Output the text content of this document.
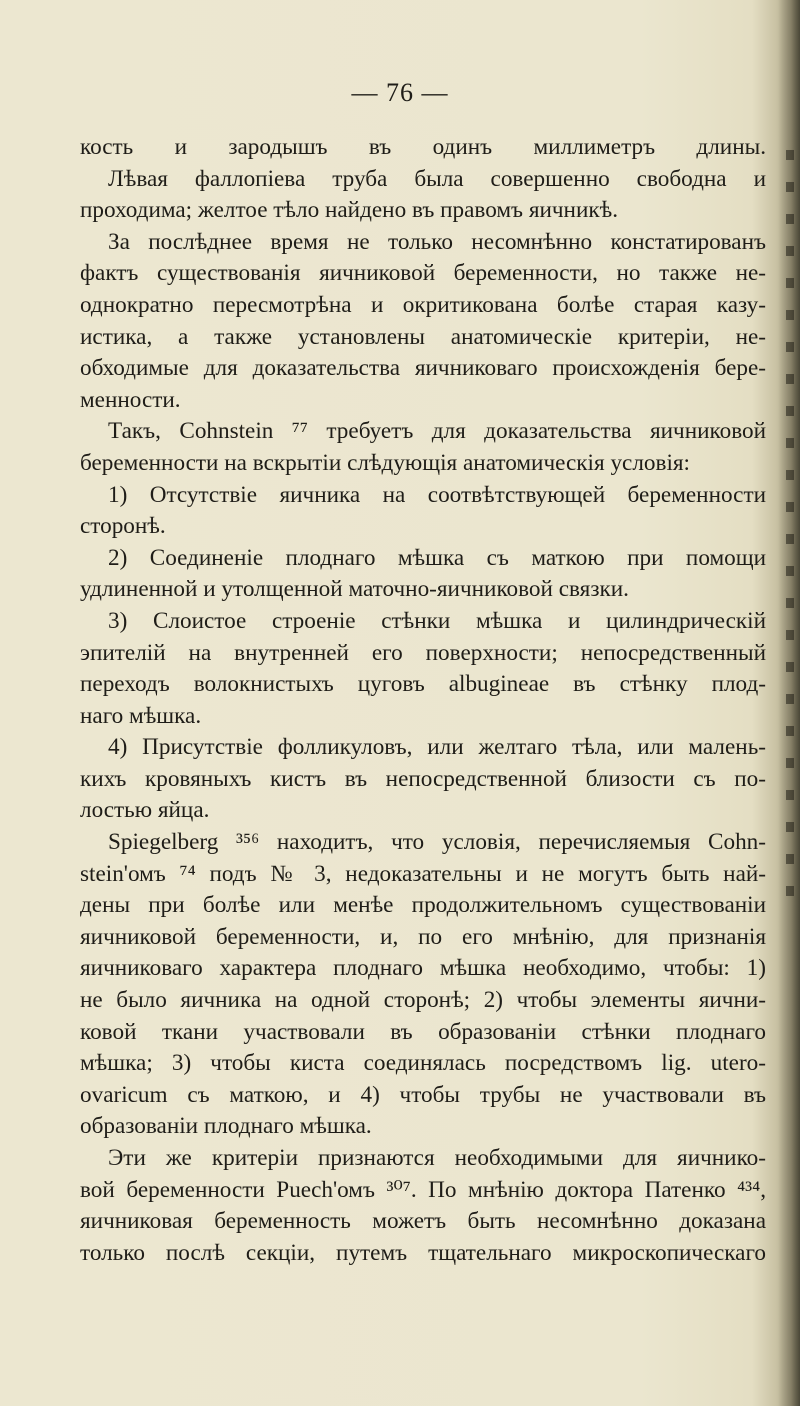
— 76 —

кость и зародышъ въ одинъ миллиметръ длины.

Лѣвая фаллопіева труба была совершенно свободна и
проходима; желтое тѣло найдено въ правомъ яичникѣ.

За послѣднее время не только несомнѣнно констатированъ
фактъ существованія яичниковой беременности, но также не-
однократно пересмотрѣна и окритикована болѣе старая казу-
истика, а также установлены анатомическіе критеріи, не-
обходимые для доказательства яичниковаго происхожденія бере-
менности.

Такъ, Cohnstein ⁷⁷ требуетъ для доказательства яичниковой
беременности на вскрытіи слѣдующія анатомическія условія:

1) Отсутствіе яичника на соотвѣтствующей беременности
сторонѣ.

2) Соединеніе плоднаго мѣшка съ маткою при помощи
удлиненной и утолщенной маточно-яичниковой связки.

3) Слоистое строеніе стѣнки мѣшка и цилиндрическій
эпителій на внутренней его поверхности; непосредственный
переходъ волокнистыхъ цуговъ albugineae въ стѣнку плод-
наго мѣшка.

4) Присутствіе фолликуловъ, или желтаго тѣла, или малень-
кихъ кровяныхъ кистъ въ непосредственной близости съ по-
лостью яйца.

Spiegelberg ³⁵⁶ находитъ, что условія, перечисляемыя Cohn-
stein'омъ ⁷⁴ подъ № 3, недоказательны и не могутъ быть най-
дены при болѣе или менѣе продолжительномъ существованіи
яичниковой беременности, и, по его мнѣнію, для признанія
яичниковаго характера плоднаго мѣшка необходимо, чтобы: 1)
не было яичника на одной сторонѣ; 2) чтобы элементы яични-
ковой ткани участвовали въ образованіи стѣнки плоднаго
мѣшка; 3) чтобы киста соединялась посредствомъ lig. utero-
ovaricum съ маткою, и 4) чтобы трубы не участвовали въ
образованіи плоднаго мѣшка.

Эти же критеріи признаются необходимыми для яичнико-
вой беременности Puech'омъ ³⁰⁷. По мнѣнію доктора Патенко ⁴³⁴,
яичниковая беременность можетъ быть несомнѣнно доказана
только послѣ секціи, путемъ тщательнаго микроскопическаго
